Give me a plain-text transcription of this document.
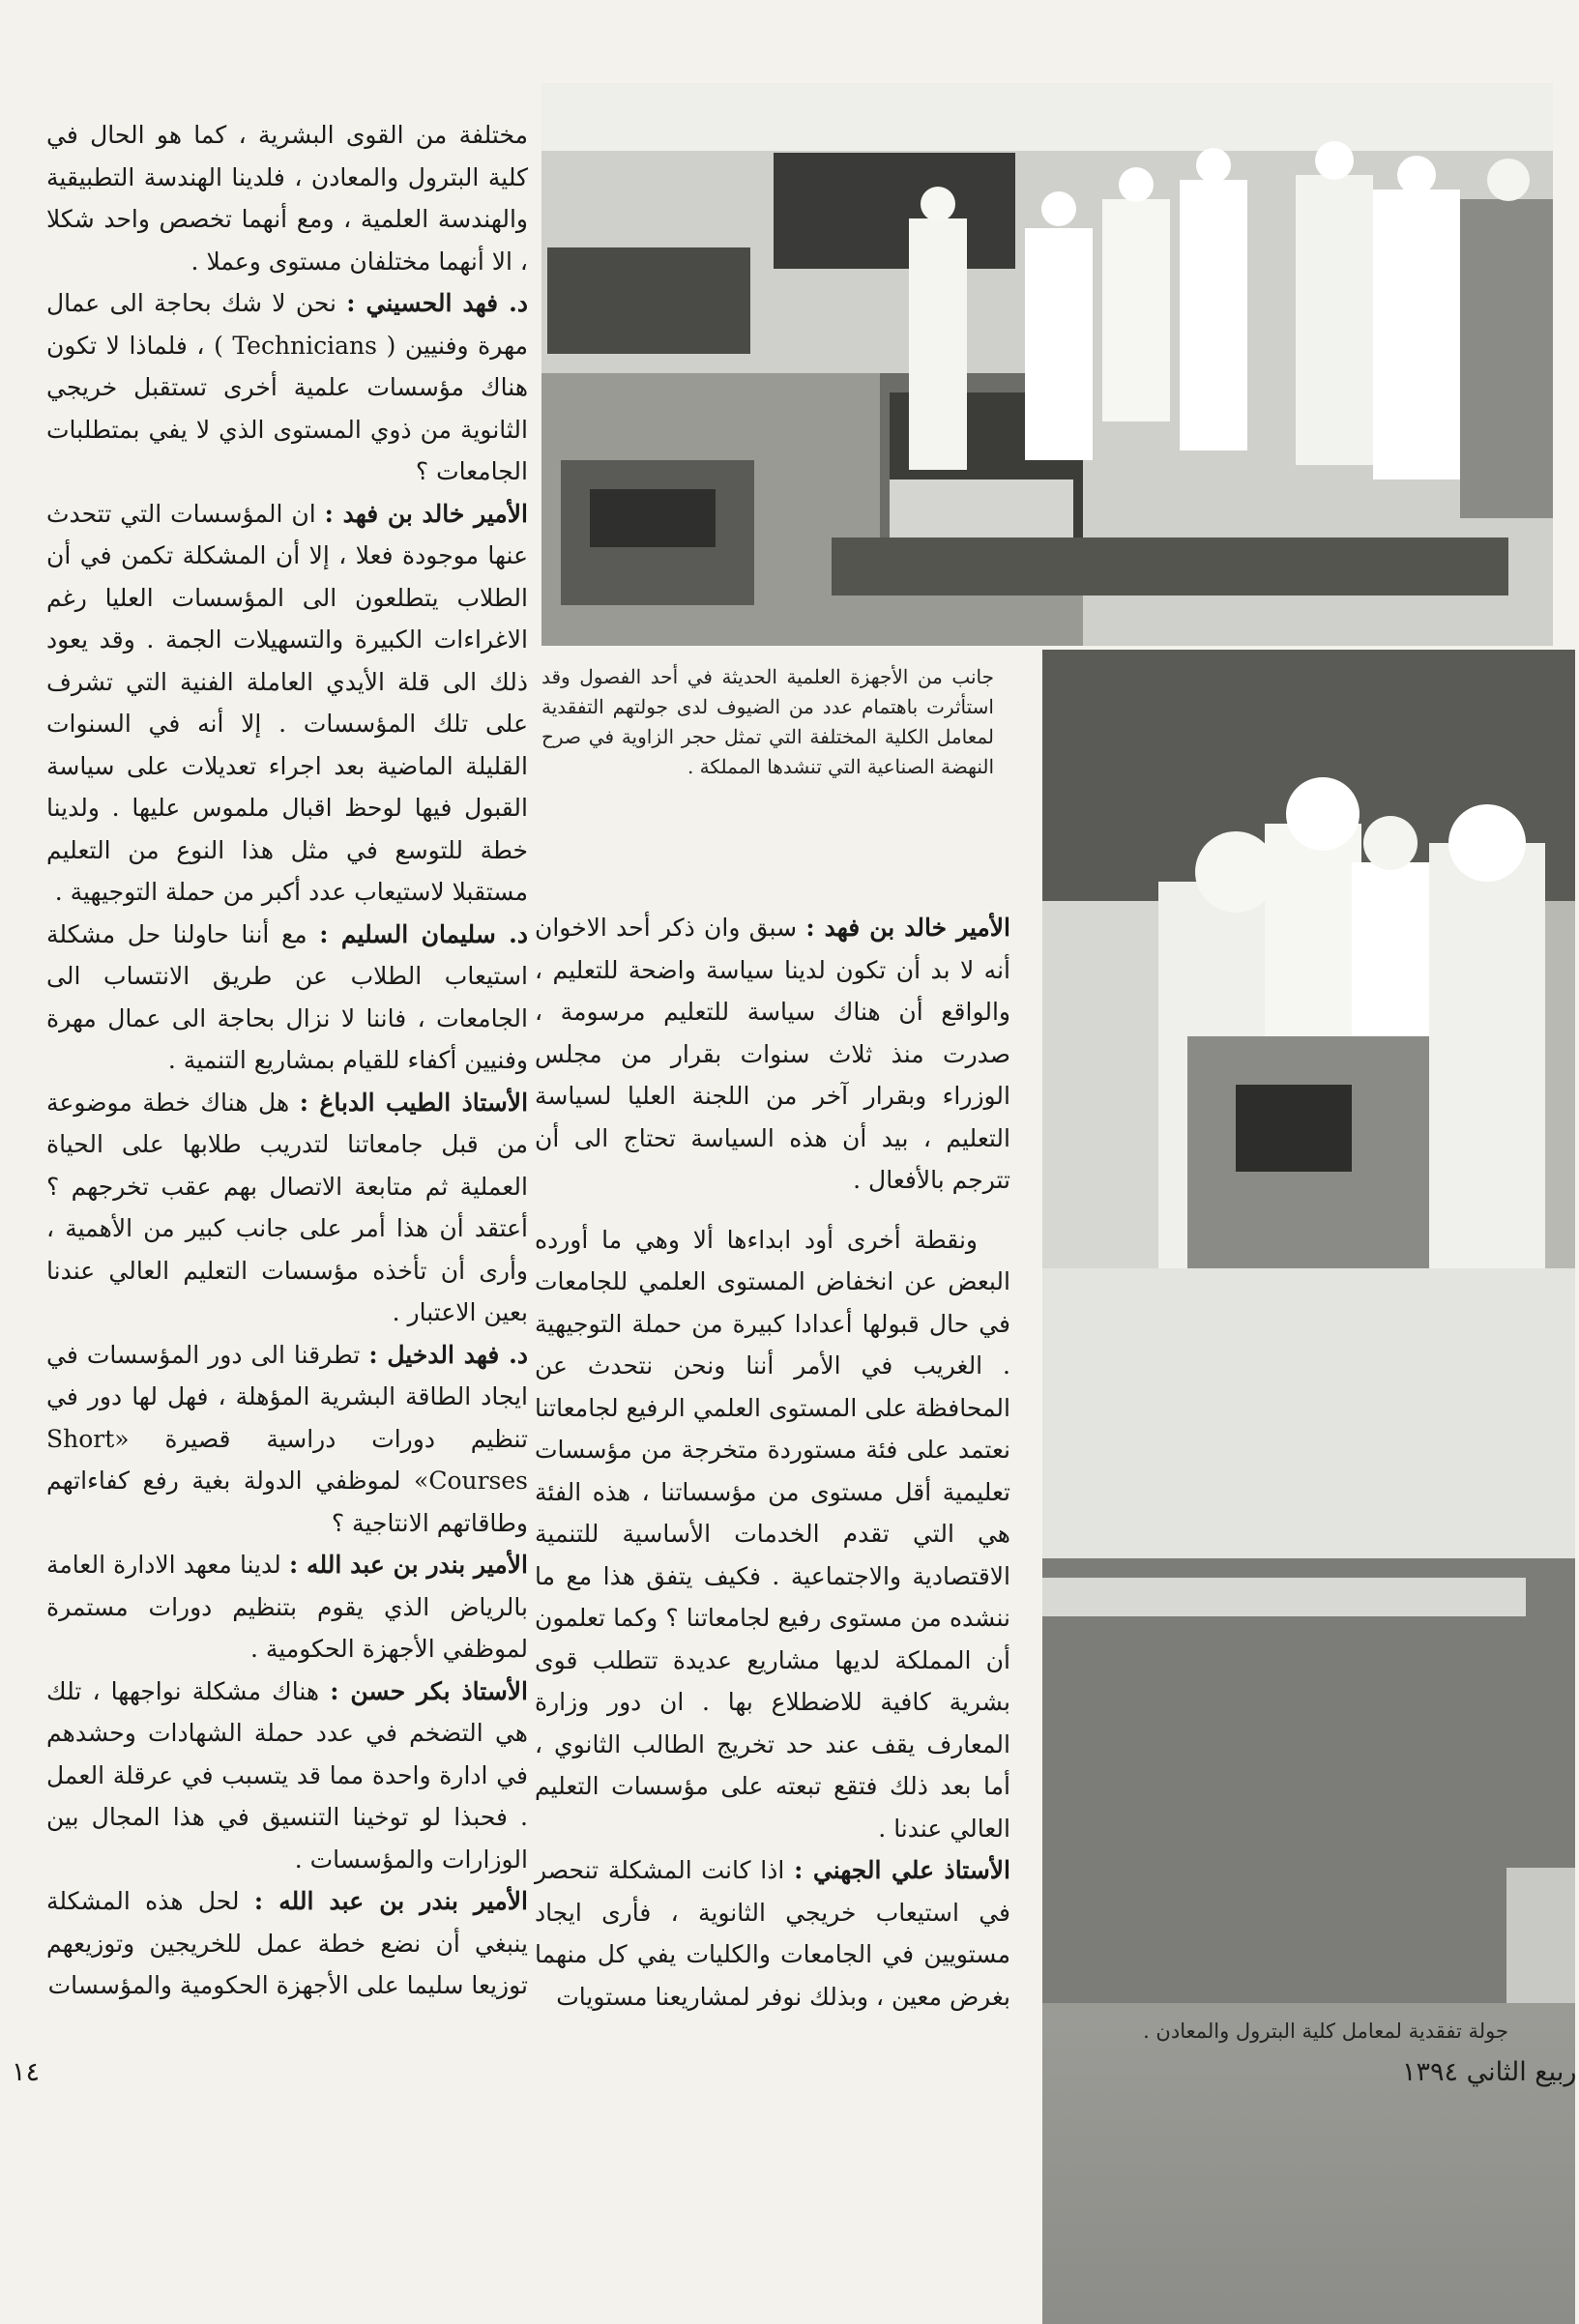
جانب من الأجهزة العلمية الحديثة في أحد الفصول وقد استأثرت باهتمام عدد من الضيوف لدى جولتهم التفقدية لمعامل الكلية المختلفة التي تمثل حجر الزاوية في صرح النهضة الصناعية التي تنشدها المملكة .
جولة تفقدية لمعامل كلية البترول والمعادن .

الأمير خالد بن فهد : سبق وان ذكر أحد الاخوان أنه لا بد أن تكون لدينا سياسة واضحة للتعليم ، والواقع أن هناك سياسة للتعليم مرسومة ، صدرت منذ ثلاث سنوات بقرار من مجلس الوزراء وبقرار آخر من اللجنة العليا لسياسة التعليم ، بيد أن هذه السياسة تحتاج الى أن تترجم بالأفعال .

ونقطة أخرى أود ابداءها ألا وهي ما أورده البعض عن انخفاض المستوى العلمي للجامعات في حال قبولها أعدادا كبيرة من حملة التوجيهية . الغريب في الأمر أننا ونحن نتحدث عن المحافظة على المستوى العلمي الرفيع لجامعاتنا نعتمد على فئة مستوردة متخرجة من مؤسسات تعليمية أقل مستوى من مؤسساتنا ، هذه الفئة هي التي تقدم الخدمات الأساسية للتنمية الاقتصادية والاجتماعية . فكيف يتفق هذا مع ما ننشده من مستوى رفيع لجامعاتنا ؟ وكما تعلمون أن المملكة لديها مشاريع عديدة تتطلب قوى بشرية كافية للاضطلاع بها . ان دور وزارة المعارف يقف عند حد تخريج الطالب الثانوي ، أما بعد ذلك فتقع تبعته على مؤسسات التعليم العالي عندنا .

الأستاذ علي الجهني : اذا كانت المشكلة تنحصر في استيعاب خريجي الثانوية ، فأرى ايجاد مستويين في الجامعات والكليات يفي كل منهما بغرض معين ، وبذلك نوفر لمشاريعنا مستويات

مختلفة من القوى البشرية ، كما هو الحال في كلية البترول والمعادن ، فلدينا الهندسة التطبيقية والهندسة العلمية ، ومع أنهما تخصص واحد شكلا ، الا أنهما مختلفان مستوى وعملا .

د. فهد الحسيني : نحن لا شك بحاجة الى عمال مهرة وفنيين ( Technicians ) ، فلماذا لا تكون هناك مؤسسات علمية أخرى تستقبل خريجي الثانوية من ذوي المستوى الذي لا يفي بمتطلبات الجامعات ؟

الأمير خالد بن فهد : ان المؤسسات التي تتحدث عنها موجودة فعلا ، إلا أن المشكلة تكمن في أن الطلاب يتطلعون الى المؤسسات العليا رغم الاغراءات الكبيرة والتسهيلات الجمة . وقد يعود ذلك الى قلة الأيدي العاملة الفنية التي تشرف على تلك المؤسسات . إلا أنه في السنوات القليلة الماضية بعد اجراء تعديلات على سياسة القبول فيها لوحظ اقبال ملموس عليها . ولدينا خطة للتوسع في مثل هذا النوع من التعليم مستقبلا لاستيعاب عدد أكبر من حملة التوجيهية .

د. سليمان السليم : مع أننا حاولنا حل مشكلة استيعاب الطلاب عن طريق الانتساب الى الجامعات ، فاننا لا نزال بحاجة الى عمال مهرة وفنيين أكفاء للقيام بمشاريع التنمية .

الأستاذ الطيب الدباغ : هل هناك خطة موضوعة من قبل جامعاتنا لتدريب طلابها على الحياة العملية ثم متابعة الاتصال بهم عقب تخرجهم ؟ أعتقد أن هذا أمر على جانب كبير من الأهمية ، وأرى أن تأخذه مؤسسات التعليم العالي عندنا بعين الاعتبار .

د. فهد الدخيل : تطرقنا الى دور المؤسسات في ايجاد الطاقة البشرية المؤهلة ، فهل لها دور في تنظيم دورات دراسية قصيرة «Short Courses» لموظفي الدولة بغية رفع كفاءاتهم وطاقاتهم الانتاجية ؟

الأمير بندر بن عبد الله : لدينا معهد الادارة العامة بالرياض الذي يقوم بتنظيم دورات مستمرة لموظفي الأجهزة الحكومية .

الأستاذ بكر حسن : هناك مشكلة نواجهها ، تلك هي التضخم في عدد حملة الشهادات وحشدهم في ادارة واحدة مما قد يتسبب في عرقلة العمل . فحبذا لو توخينا التنسيق في هذا المجال بين الوزارات والمؤسسات .

الأمير بندر بن عبد الله : لحل هذه المشكلة ينبغي أن نضع خطة عمل للخريجين وتوزيعهم توزيعا سليما على الأجهزة الحكومية والمؤسسات

١٤	ربيع الثاني ١٣٩٤
